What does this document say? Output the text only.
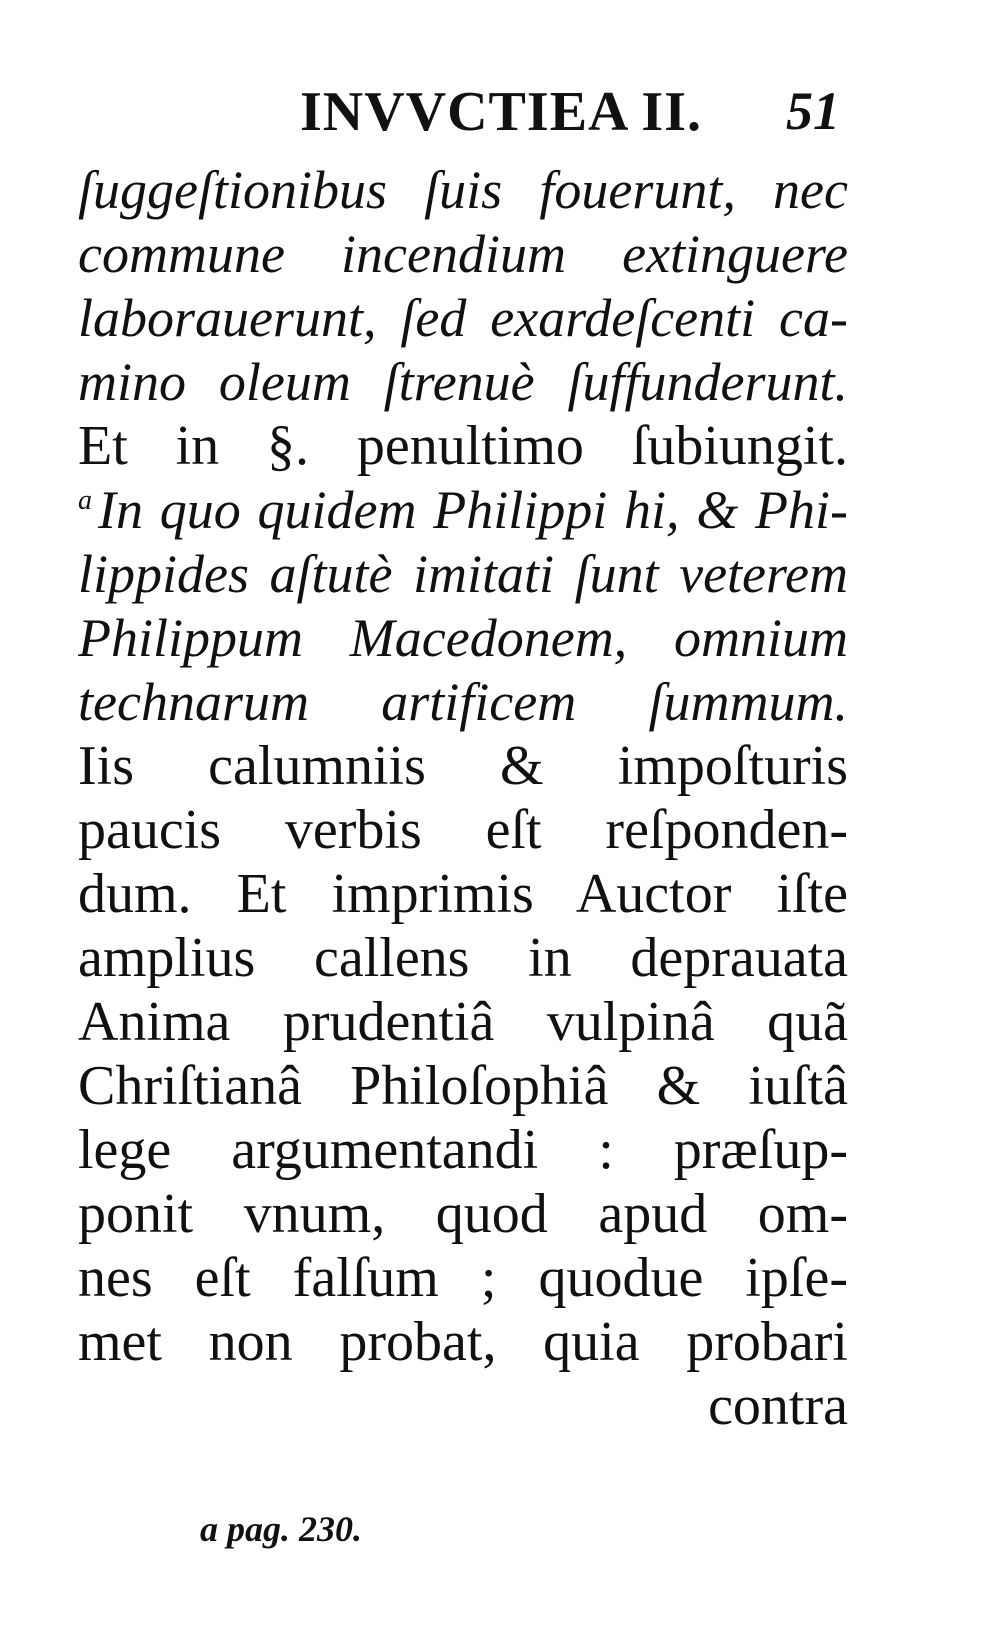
INVVCTIEA II. 51
ſuggeſtionibus ſuis fouerunt, nec
commune incendium extinguere
laborauerunt, ſed exardeſcenti ca-
mino oleum ſtrenuè ſuffunderunt.
Et in §. penultimo ſubiungit.
$^a$ In quo quidem Philippi hi, & Phi-
lippides aſtutè imitati ſunt veterem
Philippum Macedonem, omnium
technarum artificem ſummum.
Iis calumniis & impoſturis
paucis verbis eſt reſponden-
dum. Et imprimis Auctor iſte
amplius callens in deprauata
Anima prudentiâ vulpinâ quã
Chriſtianâ Philoſophiâ & iuſtâ
lege argumentandi : præſup-
ponit vnum, quod apud om-
nes eſt falſum ; quodue ipſe-
met non probat, quia probari
contra
a pag. 230.
